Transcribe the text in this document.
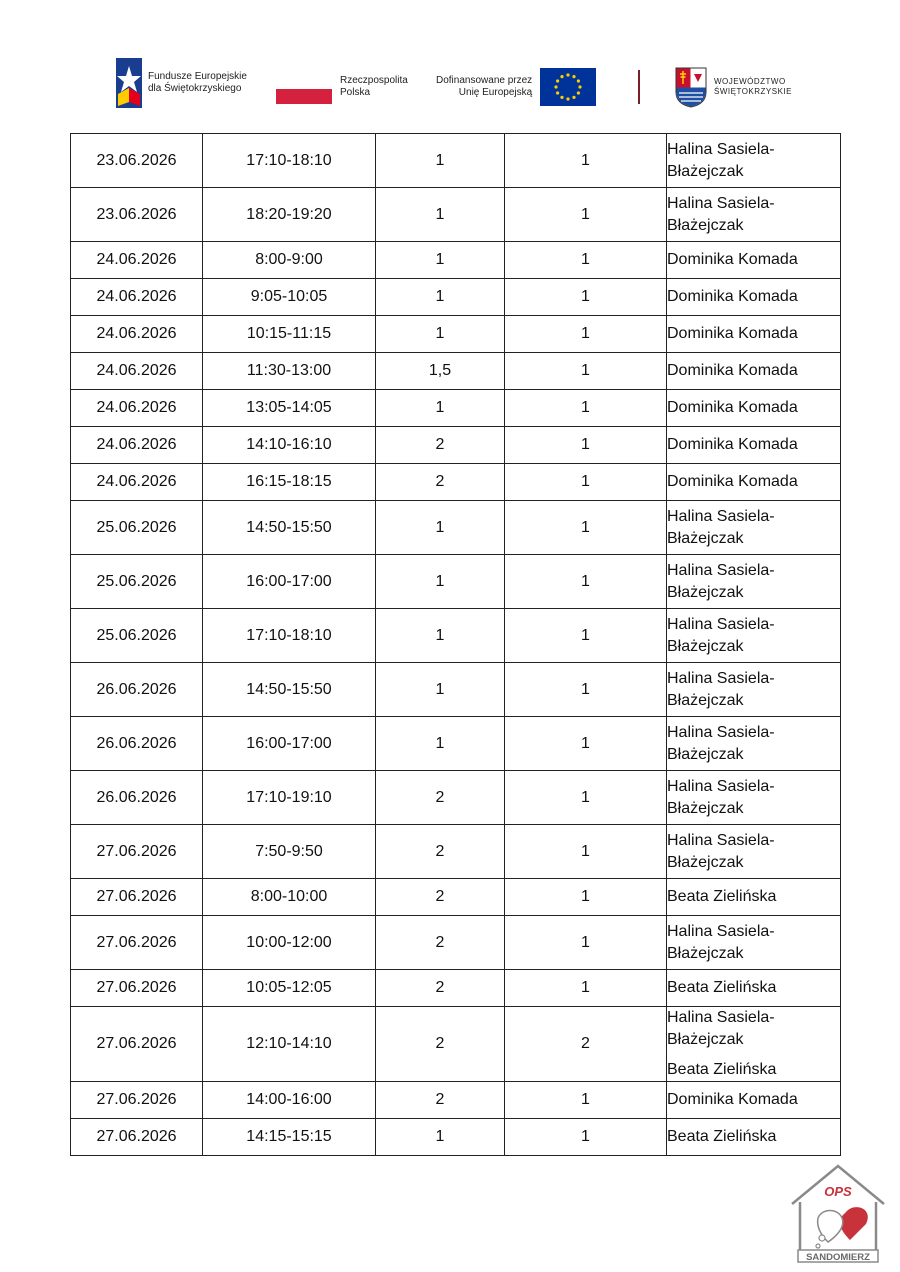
Fundusze Europejskie
dla Świętokrzyskiego
Rzeczpospolita
Polska
Dofinansowane przez
Unię Europejską
WOJEWÓDZTWO
ŚWIĘTOKRZYSKIE
23.06.2026	17:10-18:10	1	1	Halina Sasiela-
Błażejczak

23.06.2026	18:20-19:20	1	1	Halina Sasiela-
Błażejczak

24.06.2026	8:00-9:00	1	1	Dominika Komada

24.06.2026	9:05-10:05	1	1	Dominika Komada

24.06.2026	10:15-11:15	1	1	Dominika Komada

24.06.2026	11:30-13:00	1,5	1	Dominika Komada

24.06.2026	13:05-14:05	1	1	Dominika Komada

24.06.2026	14:10-16:10	2	1	Dominika Komada

24.06.2026	16:15-18:15	2	1	Dominika Komada

25.06.2026	14:50-15:50	1	1	Halina Sasiela-
Błażejczak

25.06.2026	16:00-17:00	1	1	Halina Sasiela-
Błażejczak

25.06.2026	17:10-18:10	1	1	Halina Sasiela-
Błażejczak

26.06.2026	14:50-15:50	1	1	Halina Sasiela-
Błażejczak

26.06.2026	16:00-17:00	1	1	Halina Sasiela-
Błażejczak

26.06.2026	17:10-19:10	2	1	Halina Sasiela-
Błażejczak

27.06.2026	7:50-9:50	2	1	Halina Sasiela-
Błażejczak

27.06.2026	8:00-10:00	2	1	Beata Zielińska

27.06.2026	10:00-12:00	2	1	Halina Sasiela-
Błażejczak

27.06.2026	10:05-12:05	2	1	Beata Zielińska

27.06.2026	12:10-14:10	2	2	Halina Sasiela-
Błażejczak
Beata Zielińska

27.06.2026	14:00-16:00	2	1	Dominika Komada

27.06.2026	14:15-15:15	1	1	Beata Zielińska
OPS
SANDOMIERZ
